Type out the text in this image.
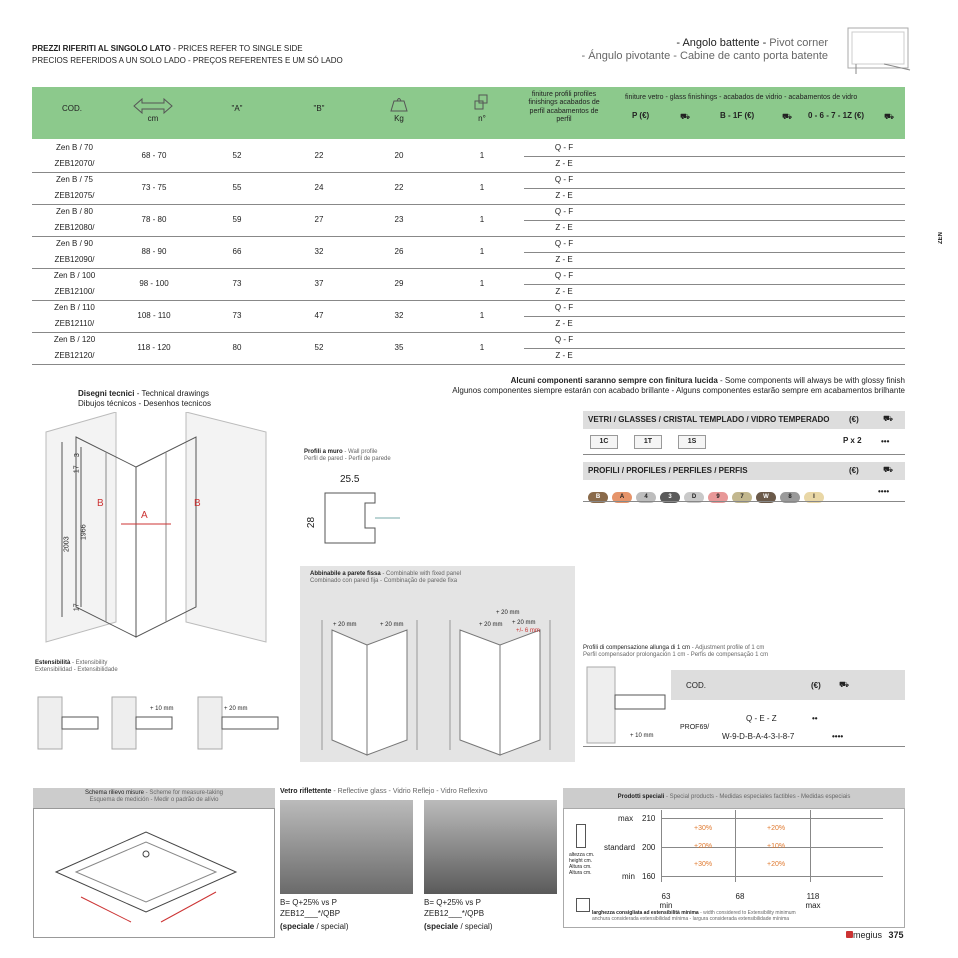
PREZZI RIFERITI AL SINGOLO LATO - PRICES REFER TO SINGLE SIDE
PRECIOS REFERIDOS A UN SOLO LADO - PREÇOS REFERENTES E UM SÓ LADO
- Angolo battente - Pivot corner
- Ángulo pivotante - Cabine de canto porta batente
ZEN
COD.
cm
"A"	"B"
Kg	n°
finiture profili profiles finishings acabados de perfil acabamentos de perfil
finiture vetro - glass finishings - acabados de vidrio - acabamentos de vidro
P (€)	⛟	B - 1F (€)	⛟ 0 - 6 - 7 - 1Z (€) ⛟
Zen B / 70
ZEB12070/
68 - 70	52	22	20	1
Q - F
Z - E
Zen B / 75
ZEB12075/
73 - 75	55	24	22	1
Q - F
Z - E
Zen B / 80
ZEB12080/
78 - 80	59	27	23	1
Q - F
Z - E
Zen B / 90
ZEB12090/
88 - 90	66	32	26	1
Q - F
Z - E
Zen B / 100
ZEB12100/
98 - 100	73	37	29	1
Q - F
Z - E
Zen B / 110
ZEB12110/
108 - 110	73	47	32	1
Q - F
Z - E
Zen B / 120
ZEB12120/
118 - 120	80	52	35	1
Q - F
Z - E
Alcuni componenti saranno sempre con finitura lucida - Some components will always be with glossy finish
Algunos componentes siempre estarán con acabado brillante - Alguns componentes estarão sempre em acabamentos brilhante
Disegni tecnici - Technical drawings
Dibujos técnicos - Desenhos tecnicos
2003
1966
17
3
17
A
B	B
Profili a muro - Wall profile
Perfil de pared - Perfil de parede
25.5
28
Estensibilità - Extensibility
Extensibilidad - Extensibilidade
+ 10 mm	+ 20 mm
Abbinabile a parete fissa - Combinable with fixed panel
Combinado con pared fija - Combinação de parede fixa
+ 20 mm	+ 20 mm
+ 20 mm
+ 20 mm + 20 mm
+/- 6 mm
VETRI / GLASSES / CRISTAL TEMPLADO / VIDRO TEMPERADO (€)	⛟
1C	1T	1S	P x 2 •••
PROFILI / PROFILES / PERFILES / PERFIS	(€)	⛟
B	A	4	3	D	9	7	W	8	I
••••
Profili di compensazione allunga di 1 cm - Adjustment profile of 1 cm
Perfil compensador prolongación 1 cm - Perfis de compensação 1 cm
+ 10 mm
COD.	(€) ⛟
PROF69/
Q - E - Z
W-9-D-B-A-4-3-I-8-7
••
••••
Schema rilievo misure - Scheme for measure-taking
Esquema de medición - Medir o padrão de alívio
Vetro riflettente - Reflective glass - Vidrio Reflejo - Vidro Reflexivo
B= Q+25% vs P
ZEB12___*/QBP
(speciale / special)
B= Q+25% vs P
ZEB12___*/QPB
(speciale / special)
Prodotti speciali - Special products - Medidas especiales factibles - Medidas especiais
max 210
standard 200
min 160
+30%	+20%
+20%	+10%
+30%	+20%
altezza cm. height cm. Altura cm. Altura cm.
63
min
68	118
max
larghezza consigliata ad estensibilità minima - width considered to Extensibility minimum
anchura considerada extensibilidad mínima - largura considerada extensibilidade mínima
megius 375
